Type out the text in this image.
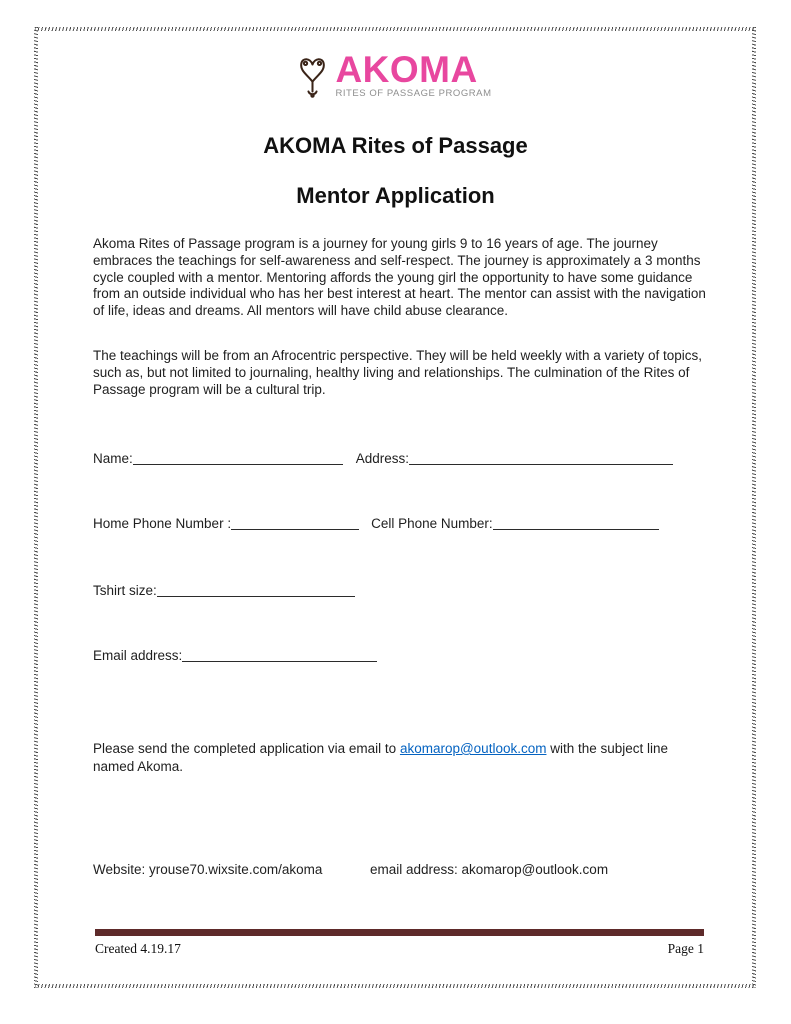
AKOMA
RITES OF PASSAGE PROGRAM
AKOMA Rites of Passage
Mentor Application
Akoma Rites of Passage program is a journey for young girls 9 to 16 years of age. The journey embraces the teachings for self-awareness and self-respect. The journey is approximately a 3 months cycle coupled with a mentor. Mentoring affords the young girl the opportunity to have some guidance from an outside individual who has her best interest at heart. The mentor can assist with the navigation of life, ideas and dreams. All mentors will have child abuse clearance.
The teachings will be from an Afrocentric perspective. They will be held weekly with a variety of topics, such as, but not limited to journaling, healthy living and relationships. The culmination of the Rites of Passage program will be a cultural trip.
Name:	Address:
Home Phone Number :	Cell Phone Number:
Tshirt size:
Email address:
Please send the completed application via email to akomarop@outlook.com with the subject line named Akoma.
Website: yrouse70.wixsite.com/akoma	email address: akomarop@outlook.com
Created 4.19.17	Page 1
